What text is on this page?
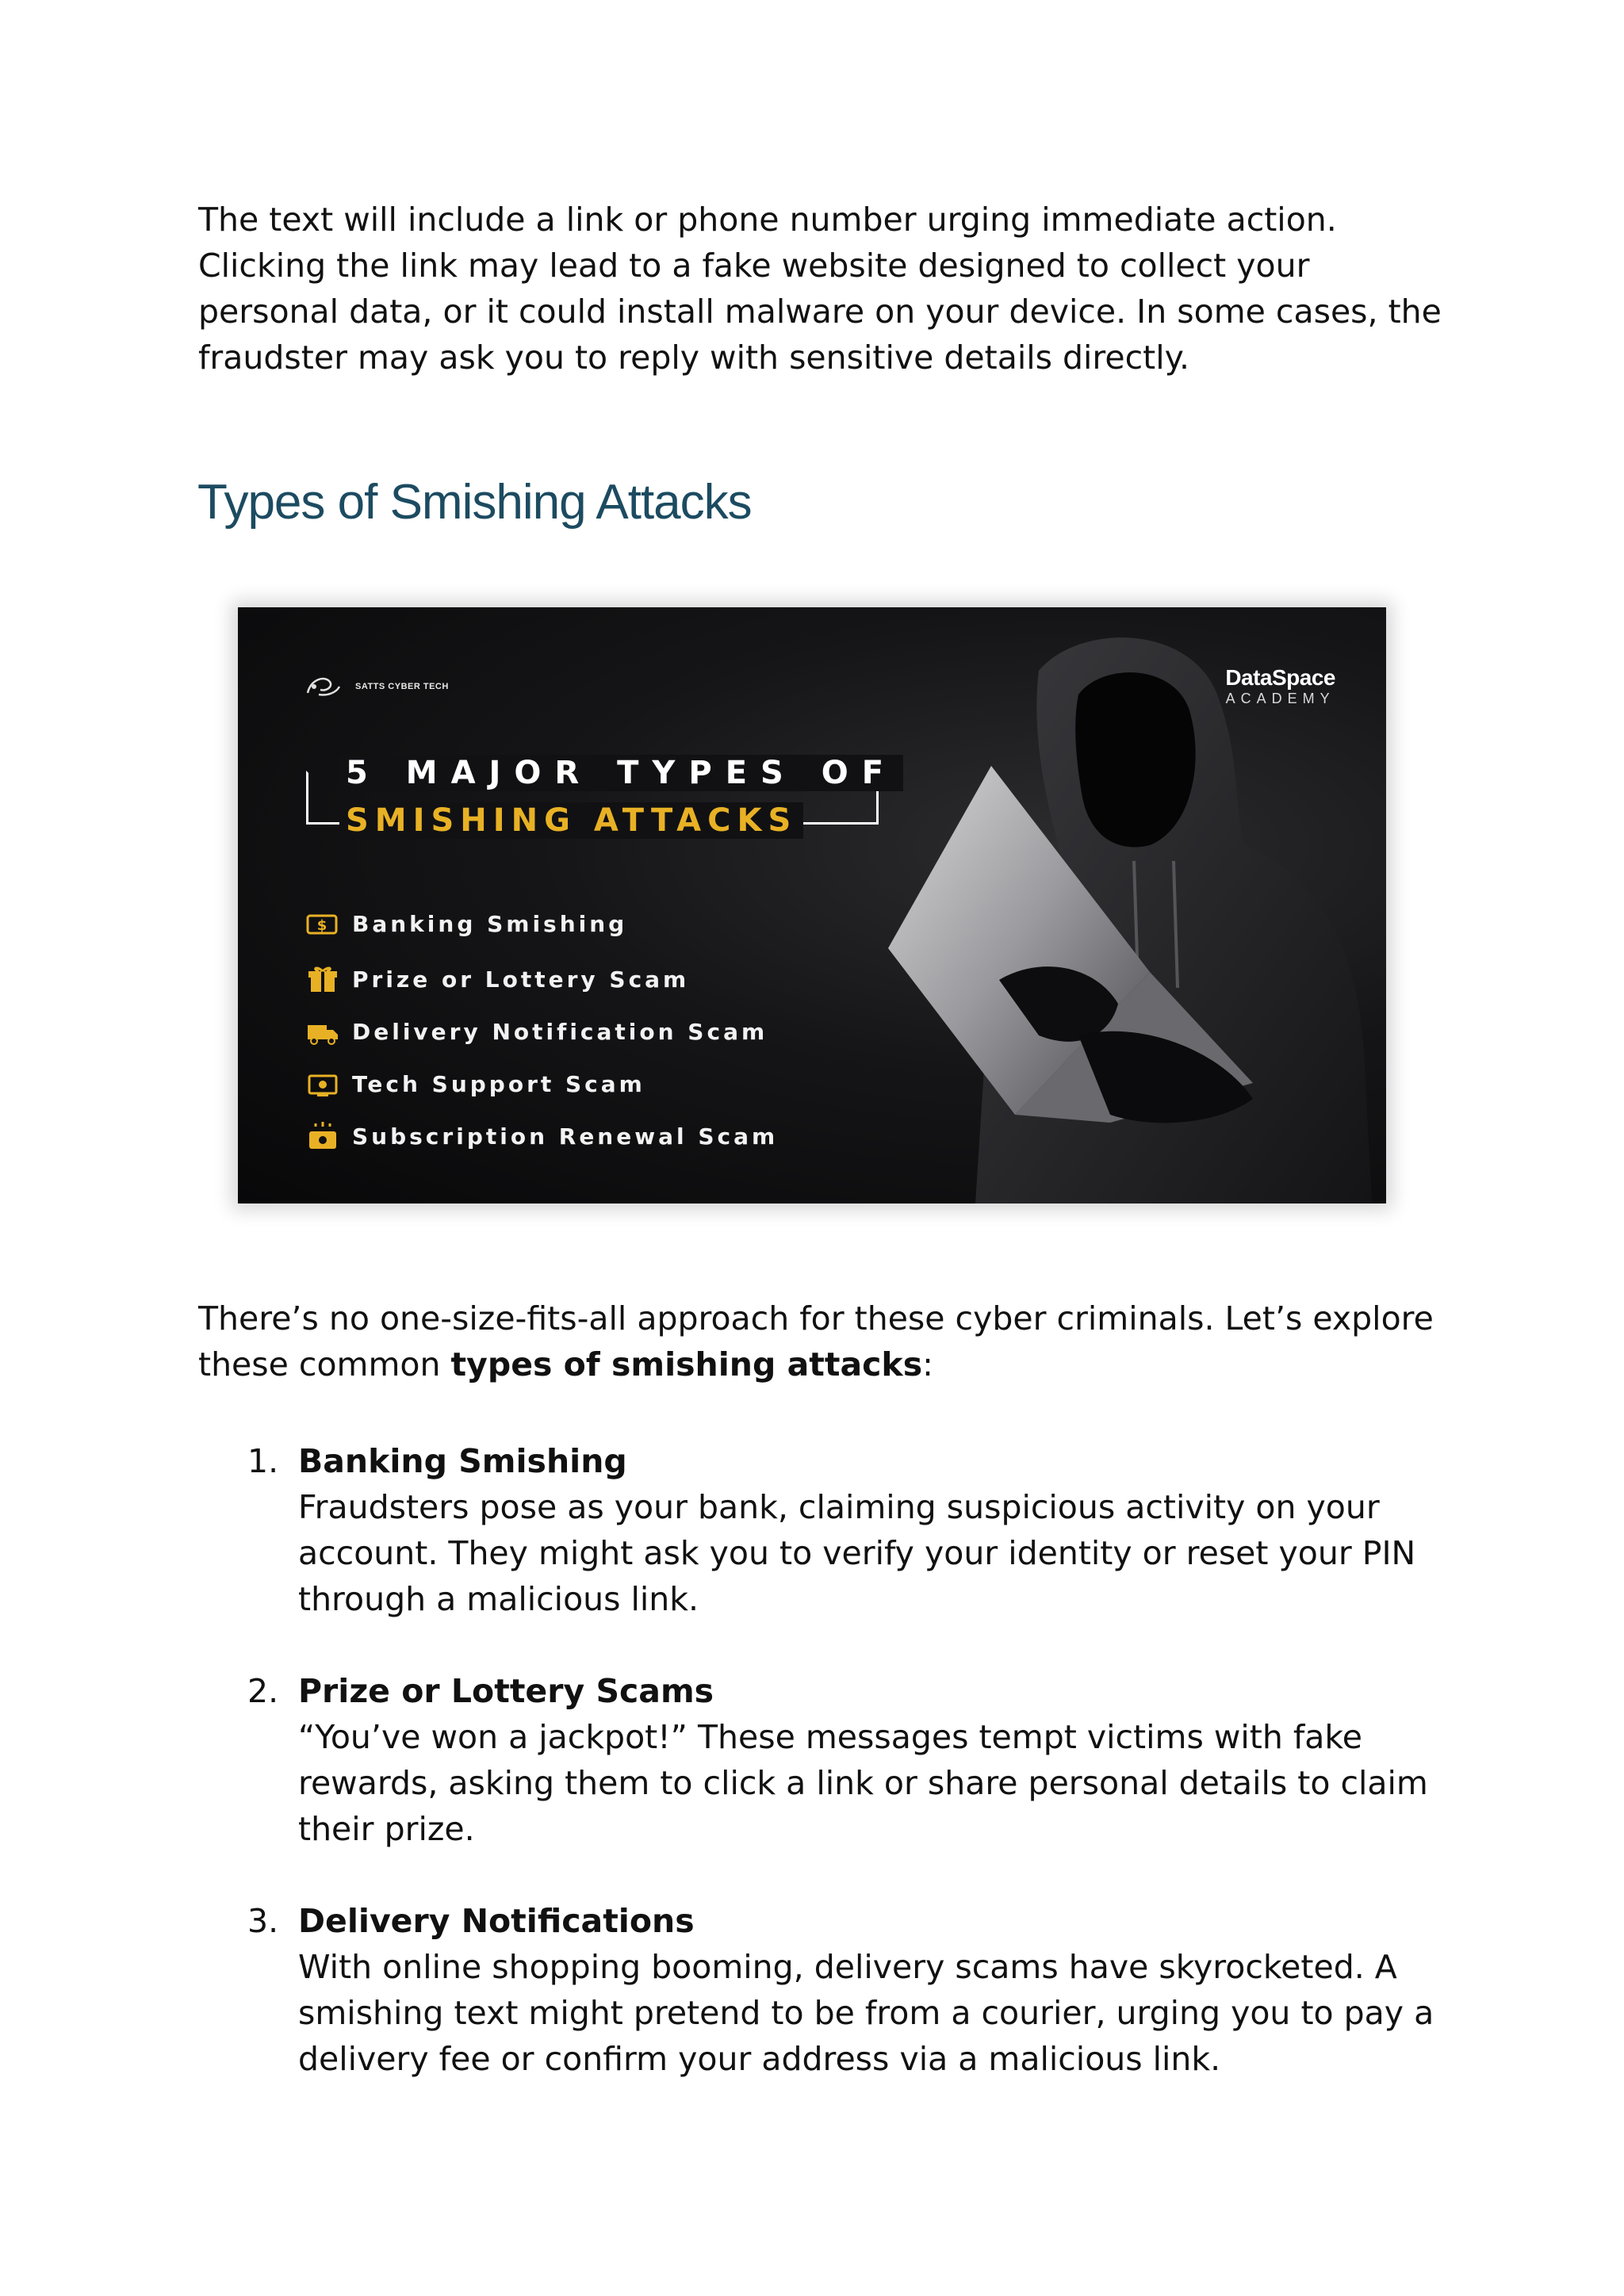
The text will include a link or phone number urging immediate action. Clicking the link may lead to a fake website designed to collect your personal data, or it could install malware on your device. In some cases, the fraudster may ask you to reply with sensitive details directly.

Types of Smishing Attacks
SATTS CYBER TECH	DataSpace
ACADEMY
5 MAJOR TYPES OF
SMISHING ATTACKS
$ Banking Smishing
Prize or Lottery Scam
Delivery Notification Scam
Tech Support Scam
Subscription Renewal Scam

There’s no one-size-fits-all approach for these cyber criminals. Let’s explore these common types of smishing attacks:

1. Banking Smishing
Fraudsters pose as your bank, claiming suspicious activity on your account. They might ask you to verify your identity or reset your PIN through a malicious link.
2. Prize or Lottery Scams
“You’ve won a jackpot!” These messages tempt victims with fake rewards, asking them to click a link or share personal details to claim their prize.
3. Delivery Notifications
With online shopping booming, delivery scams have skyrocketed. A smishing text might pretend to be from a courier, urging you to pay a delivery fee or confirm your address via a malicious link.
